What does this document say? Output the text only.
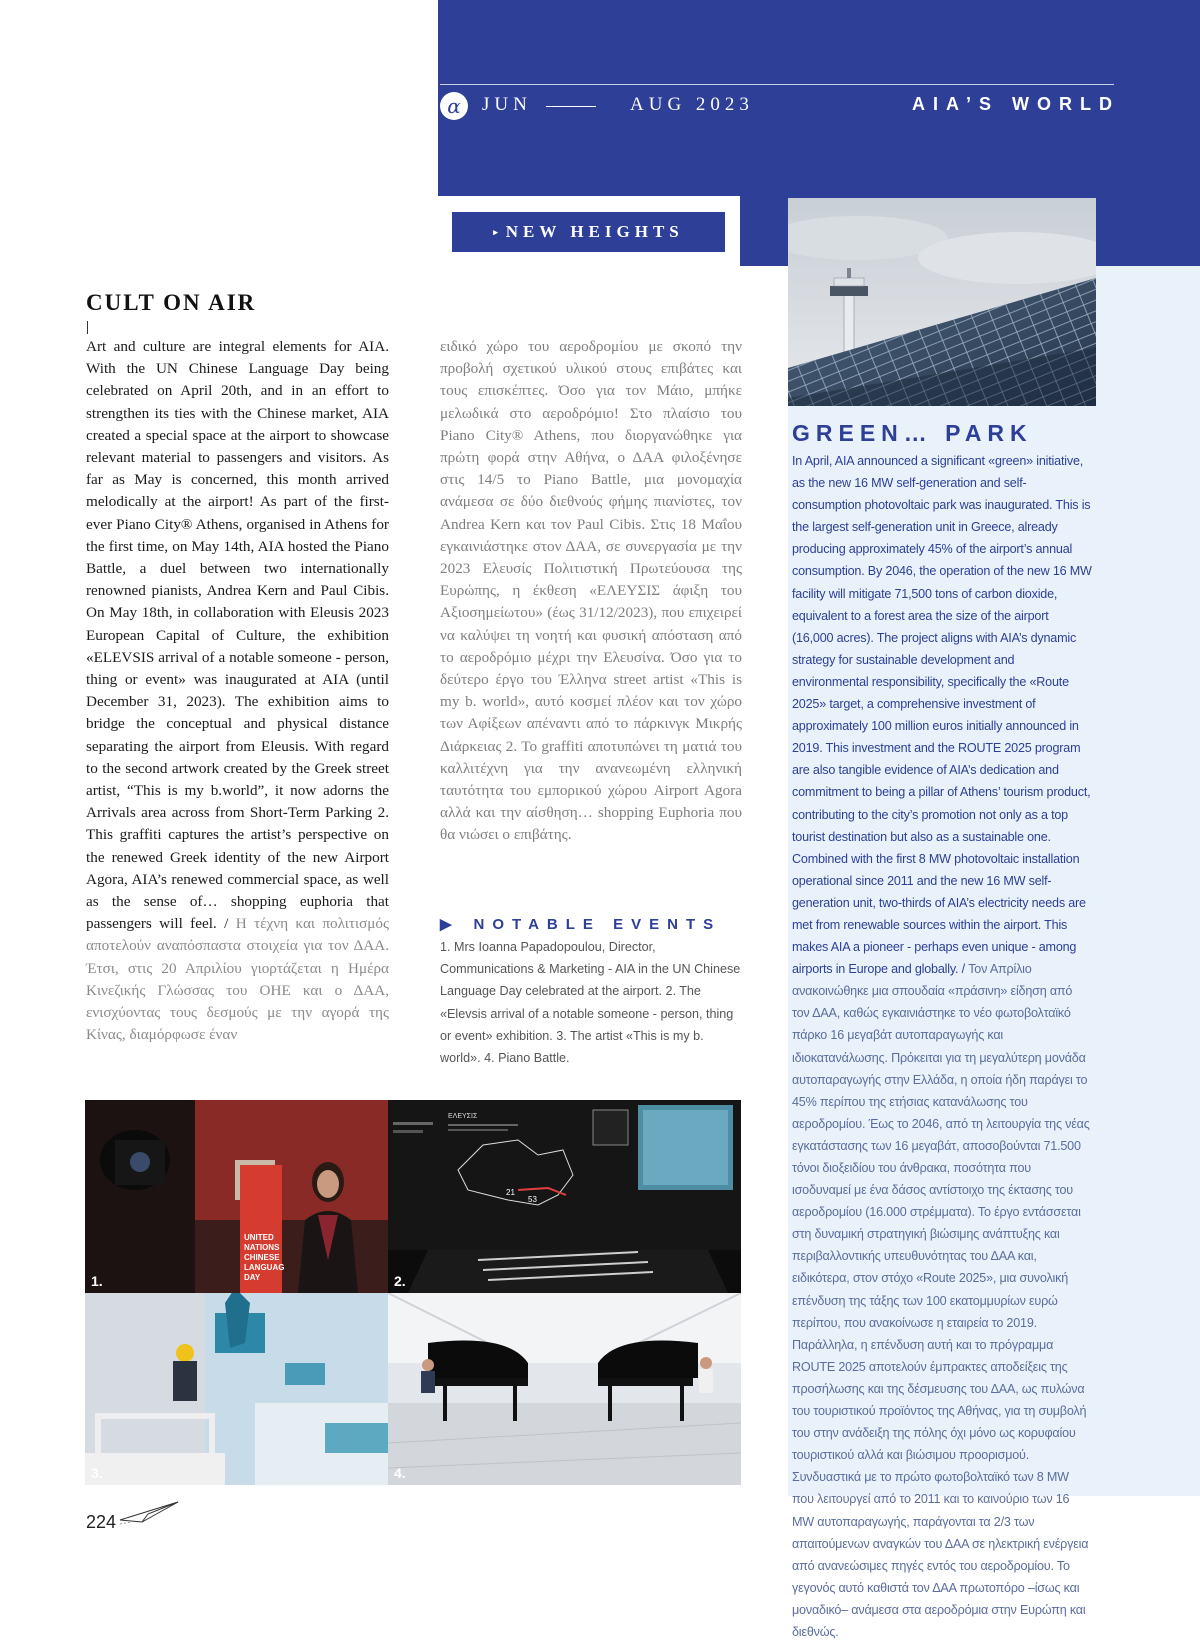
α	JUN	AUG 2023	AIA’S WORLD
▸ NEW HEIGHTS
CULT ON AIR
Art and culture are integral elements for AIA. With the UN Chinese Language Day being celebrated on April 20th, and in an effort to strengthen its ties with the Chinese market, AIA created a special space at the airport to showcase relevant material to passengers and visitors. As far as May is concerned, this month arrived melodically at the airport! As part of the first-ever Piano City® Athens, organised in Athens for the first time, on May 14th, AIA hosted the Piano Battle, a duel between two internationally renowned pianists, Andrea Kern and Paul Cibis. On May 18th, in collaboration with Eleusis 2023 European Capital of Culture, the exhibition «ELEVSIS arrival of a notable someone - person, thing or event» was inaugurated at AIA (until December 31, 2023). The exhibition aims to bridge the conceptual and physical distance separating the airport from Eleusis. With regard to the second artwork created by the Greek street artist, “This is my b.world”, it now adorns the Arrivals area across from Short-Term Parking 2. This graffiti captures the artist’s perspective on the renewed Greek identity of the new Airport Agora, AIA’s renewed commercial space, as well as the sense of… shopping euphoria that passengers will feel. / Η τέχνη και πολιτισμός αποτελούν αναπόσπαστα στοιχεία για τον ΔΑΑ. Έτσι, στις 20 Απριλίου γιορτάζεται η Ημέρα Κινεζικής Γλώσσας του ΟΗΕ και ο ΔΑΑ, ενισχύοντας τους δεσμούς με την αγορά της Κίνας, διαμόρφωσε έναν
ειδικό χώρο του αεροδρομίου με σκοπό την προβολή σχετικού υλικού στους επιβάτες και τους επισκέπτες. Όσο για τον Μάιο, μπήκε μελωδικά στο αεροδρόμιο! Στο πλαίσιο του Piano City® Athens, που διοργανώθηκε για πρώτη φορά στην Αθήνα, ο ΔΑΑ φιλοξένησε στις 14/5 το Piano Battle, μια μονομαχία ανάμεσα σε δύο διεθνούς φήμης πιανίστες, τον Andrea Kern και τον Paul Cibis. Στις 18 Μαΐου εγκαινιάστηκε στον ΔΑΑ, σε συνεργασία με την 2023 Ελευσίς Πολιτιστική Πρωτεύουσα της Ευρώπης, η έκθεση «ΕΛΕΥΣΙΣ άφιξη του Αξιοσημείωτου» (έως 31/12/2023), που επιχειρεί να καλύψει τη νοητή και φυσική απόσταση από το αεροδρόμιο μέχρι την Ελευσίνα. Όσο για το δεύτερο έργο του Έλληνα street artist «This is my b. world», αυτό κοσμεί πλέον και τον χώρο των Αφίξεων απέναντι από το πάρκινγκ Μικρής Διάρκειας 2. Το graffiti αποτυπώνει τη ματιά του καλλιτέχνη για την ανανεωμένη ελληνική ταυτότητα του εμπορικού χώρου Airport Agora αλλά και την αίσθηση… shopping Euphoria που θα νιώσει ο επιβάτης.
▶ NOTABLE EVENTS
1. Mrs Ioanna Papadopoulou, Director, Communications & Marketing - AIA in the UN Chinese Language Day celebrated at the airport. 2. The «Elevsis arrival of a notable someone - person, thing or event» exhibition. 3. The artist «This is my b. world». 4. Piano Battle.
GREEN… PARK
In April, AIA announced a significant «green» initiative, as the new 16 MW self-generation and self-consumption photovoltaic park was inaugurated. This is the largest self-generation unit in Greece, already producing approximately 45% of the airport’s annual consumption. By 2046, the operation of the new 16 MW facility will mitigate 71,500 tons of carbon dioxide, equivalent to a forest area the size of the airport (16,000 acres). The project aligns with AIA’s dynamic strategy for sustainable development and environmental responsibility, specifically the «Route 2025» target, a comprehensive investment of approximately 100 million euros initially announced in 2019. This investment and the ROUTE 2025 program are also tangible evidence of AIA’s dedication and commitment to being a pillar of Athens’ tourism product, contributing to the city’s promotion not only as a top tourist destination but also as a sustainable one. Combined with the first 8 MW photovoltaic installation operational since 2011 and the new 16 MW self-generation unit, two-thirds of AIA’s electricity needs are met from renewable sources within the airport. This makes AIA a pioneer - perhaps even unique - among airports in Europe and globally. / Τον Απρίλιο ανακοινώθηκε μια σπουδαία «πράσινη» είδηση από τον ΔΑΑ, καθώς εγκαινιάστηκε το νέο φωτοβολταϊκό πάρκο 16 μεγαβάτ αυτοπαραγωγής και ιδιοκατανάλωσης. Πρόκειται για τη μεγαλύτερη μονάδα αυτοπαραγωγής στην Ελλάδα, η οποία ήδη παράγει το 45% περίπου της ετήσιας κατανάλωσης του αεροδρομίου. Έως το 2046, από τη λειτουργία της νέας εγκατάστασης των 16 μεγαβάτ, αποσοβούνται 71.500 τόνοι διοξειδίου του άνθρακα, ποσότητα που ισοδυναμεί με ένα δάσος αντίστοιχο της έκτασης του αεροδρομίου (16.000 στρέμματα). Το έργο εντάσσεται στη δυναμική στρατηγική βιώσιμης ανάπτυξης και περιβαλλοντικής υπευθυνότητας του ΔΑΑ και, ειδικότερα, στον στόχο «Route 2025», μια συνολική επένδυση της τάξης των 100 εκατομμυρίων ευρώ περίπου, που ανακοίνωσε η εταιρεία το 2019. Παράλληλα, η επένδυση αυτή και το πρόγραμμα ROUTE 2025 αποτελούν έμπρακτες αποδείξεις της προσήλωσης και της δέσμευσης του ΔΑΑ, ως πυλώνα του τουριστικού προϊόντος της Αθήνας, για τη συμβολή του στην ανάδειξη της πόλης όχι μόνο ως κορυφαίου τουριστικού αλλά και βιώσιμου προορισμού. Συνδυαστικά με το πρώτο φωτοβολταϊκό των 8 MW που λειτουργεί από το 2011 και το καινούριο των 16 MW αυτοπαραγωγής, παράγονται τα 2/3 των απαιτούμενων αναγκών του ΔΑΑ σε ηλεκτρική ενέργεια από ανανεώσιμες πηγές εντός του αεροδρομίου. Το γεγονός αυτό καθιστά τον ΔΑΑ πρωτοπόρο –ίσως και μοναδικό– ανάμεσα στα αεροδρόμια στην Ευρώπη και διεθνώς.
UNITED NATIONS CHINESE LANGUAG DAY
1.
ΕΛΕΥΣΙΣ
21
53
2.
3.	4.
224
